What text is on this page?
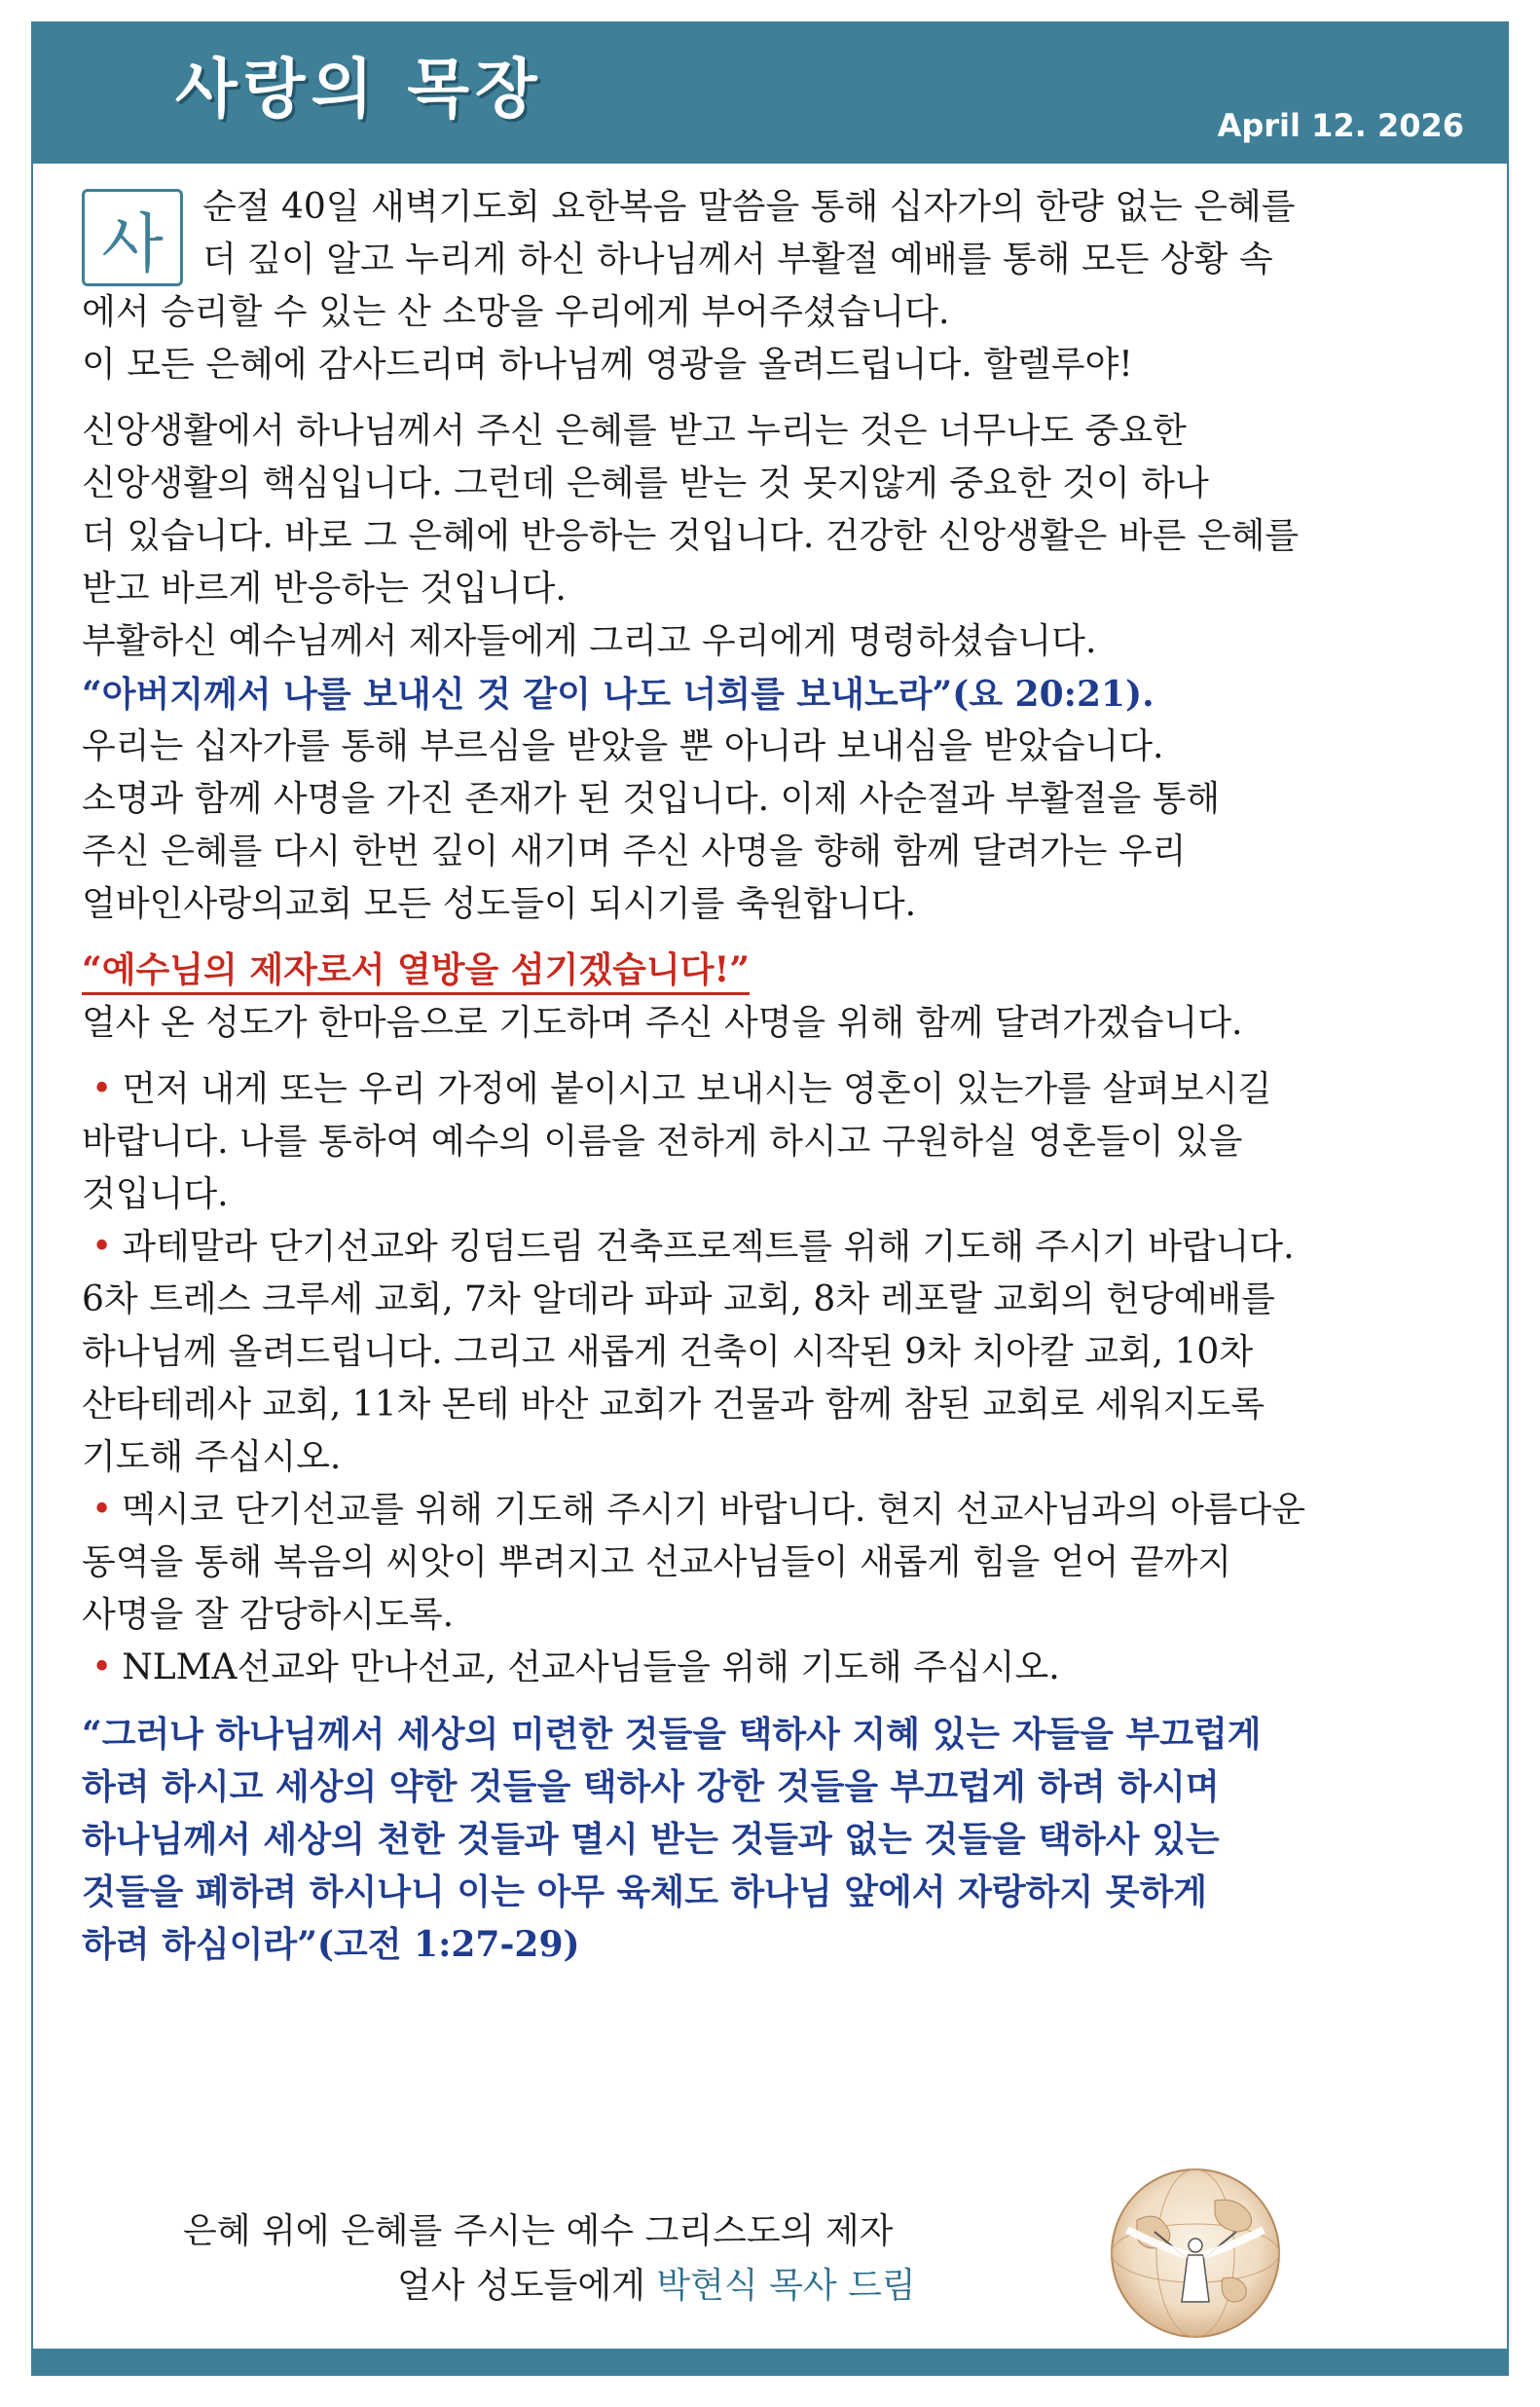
사랑의 목장	April 12. 2026
사	순절 40일 새벽기도회 요한복음 말씀을 통해 십자가의 한량 없는 은혜를
더 깊이 알고 누리게 하신 하나님께서 부활절 예배를 통해 모든 상황 속
에서 승리할 수 있는 산 소망을 우리에게 부어주셨습니다.
이 모든 은혜에 감사드리며 하나님께 영광을 올려드립니다. 할렐루야!
신앙생활에서 하나님께서 주신 은혜를 받고 누리는 것은 너무나도 중요한
신앙생활의 핵심입니다. 그런데 은혜를 받는 것 못지않게 중요한 것이 하나
더 있습니다. 바로 그 은혜에 반응하는 것입니다. 건강한 신앙생활은 바른 은혜를
받고 바르게 반응하는 것입니다.
부활하신 예수님께서 제자들에게 그리고 우리에게 명령하셨습니다.
“아버지께서 나를 보내신 것 같이 나도 너희를 보내노라”(요 20:21).
우리는 십자가를 통해 부르심을 받았을 뿐 아니라 보내심을 받았습니다.
소명과 함께 사명을 가진 존재가 된 것입니다. 이제 사순절과 부활절을 통해
주신 은혜를 다시 한번 깊이 새기며 주신 사명을 향해 함께 달려가는 우리
얼바인사랑의교회 모든 성도들이 되시기를 축원합니다.
“예수님의 제자로서 열방을 섬기겠습니다!”
얼사 온 성도가 한마음으로 기도하며 주신 사명을 위해 함께 달려가겠습니다.
• 먼저 내게 또는 우리 가정에 붙이시고 보내시는 영혼이 있는가를 살펴보시길
바랍니다. 나를 통하여 예수의 이름을 전하게 하시고 구원하실 영혼들이 있을
것입니다.
• 과테말라 단기선교와 킹덤드림 건축프로젝트를 위해 기도해 주시기 바랍니다.
6차 트레스 크루세 교회, 7차 알데라 파파 교회, 8차 레포랄 교회의 헌당예배를
하나님께 올려드립니다. 그리고 새롭게 건축이 시작된 9차 치아칼 교회, 10차
산타테레사 교회, 11차 몬테 바산 교회가 건물과 함께 참된 교회로 세워지도록
기도해 주십시오.
• 멕시코 단기선교를 위해 기도해 주시기 바랍니다. 현지 선교사님과의 아름다운
동역을 통해 복음의 씨앗이 뿌려지고 선교사님들이 새롭게 힘을 얻어 끝까지
사명을 잘 감당하시도록.
• NLMA선교와 만나선교, 선교사님들을 위해 기도해 주십시오.
“그러나 하나님께서 세상의 미련한 것들을 택하사 지혜 있는 자들을 부끄럽게
하려 하시고 세상의 약한 것들을 택하사 강한 것들을 부끄럽게 하려 하시며
하나님께서 세상의 천한 것들과 멸시 받는 것들과 없는 것들을 택하사 있는
것들을 폐하려 하시나니 이는 아무 육체도 하나님 앞에서 자랑하지 못하게
하려 하심이라”(고전 1:27-29)
은혜 위에 은혜를 주시는 예수 그리스도의 제자
얼사 성도들에게 박현식 목사 드림
